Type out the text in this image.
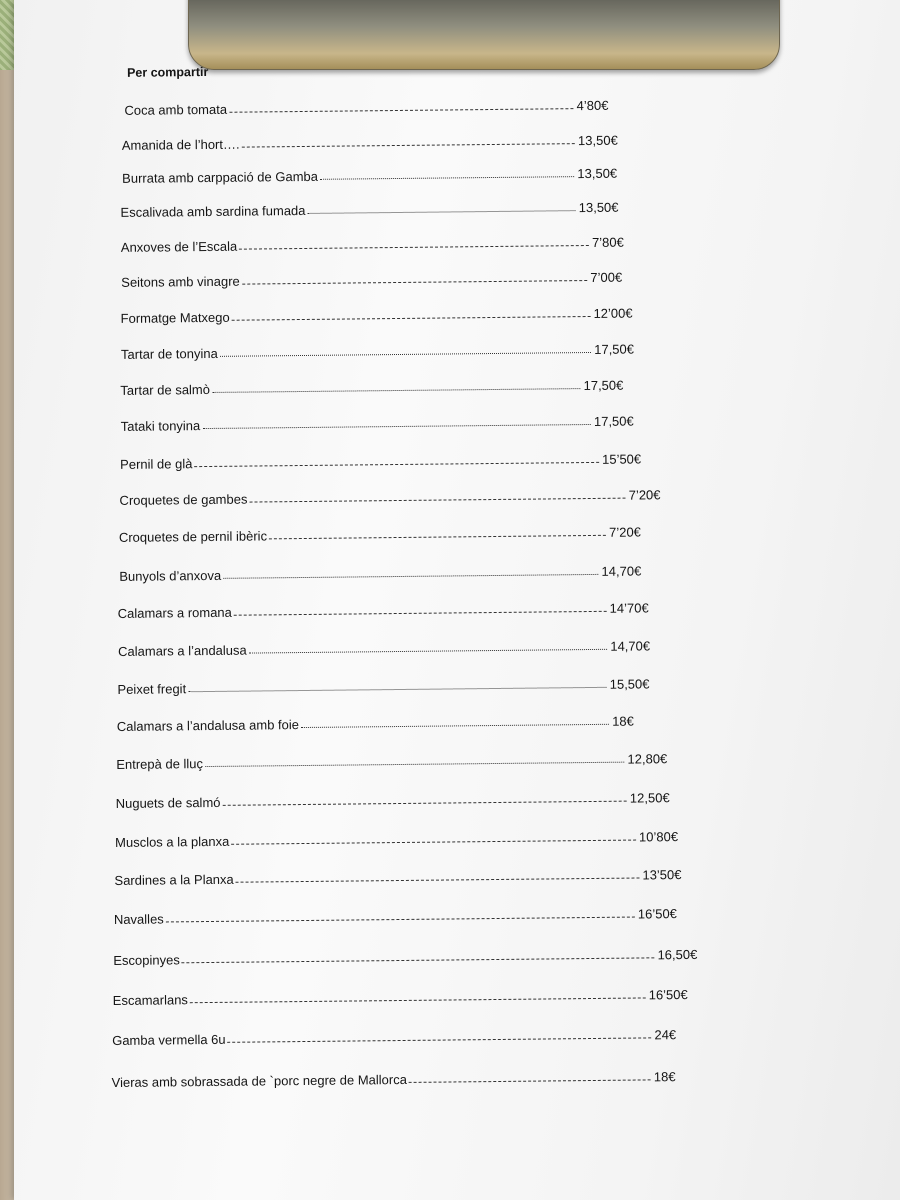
Per compartir
Coca amb tomata	4’80€
Amanida de l’hort….	13,50€
Burrata amb carppació de Gamba	13,50€
Escalivada amb sardina fumada	13,50€
Anxoves de l’Escala	7’80€
Seitons amb vinagre	7’00€
Formatge Matxego	12’00€
Tartar de tonyina	17,50€
Tartar de salmò	17,50€
Tataki tonyina	17,50€
Pernil de glà	15’50€
Croquetes de gambes	7’20€
Croquetes de pernil ibèric	7’20€
Bunyols d’anxova	14,70€
Calamars a romana	14’70€
Calamars a l’andalusa	14,70€
Peixet fregit	15,50€
Calamars a l’andalusa amb foie	18€
Entrepà de lluç	12,80€
Nuguets de salmó	12,50€
Musclos a la planxa	10’80€
Sardines a la Planxa	13’50€
Navalles	16’50€
Escopinyes	16,50€
Escamarlans	16’50€
Gamba vermella 6u	24€
Vieras amb sobrassada de `porc negre de Mallorca	18€
